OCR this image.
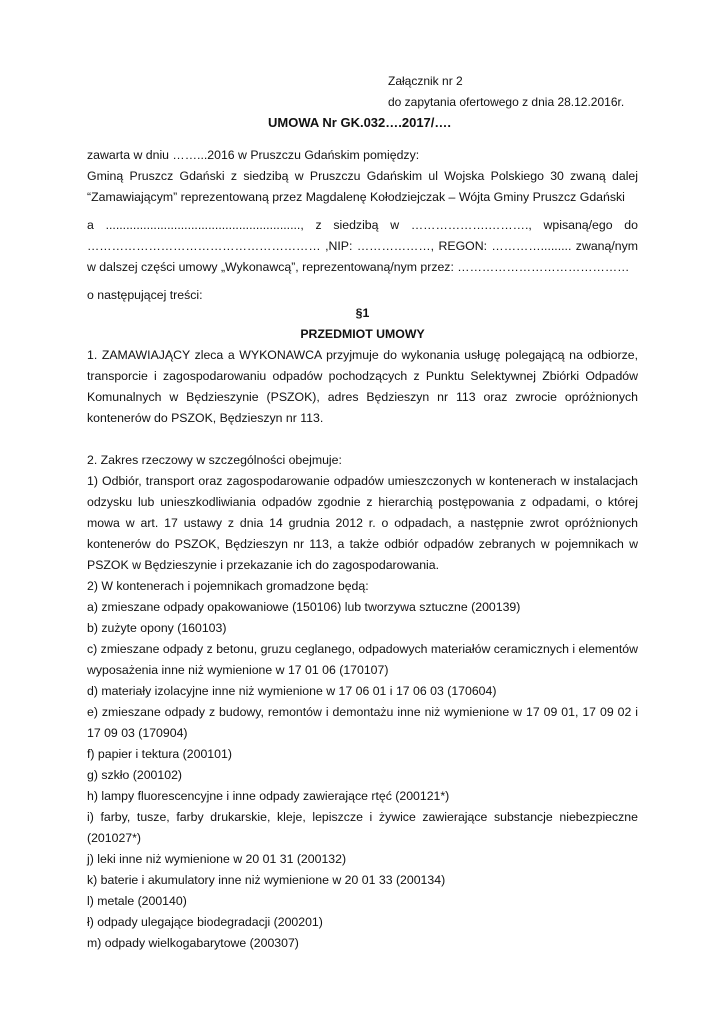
Załącznik nr 2
do zapytania ofertowego z dnia 28.12.2016r.
UMOWA Nr GK.032….2017/….
zawarta w dniu ……...2016 w Pruszczu Gdańskim pomiędzy:
Gminą Pruszcz Gdański z siedzibą w Pruszczu Gdańskim ul Wojska Polskiego 30 zwaną dalej
“Zamawiającym” reprezentowaną przez Magdalenę Kołodziejczak – Wójta Gminy Pruszcz Gdański
a ........................................................., z siedzibą w ……………….………., wpisaną/ego do
………………………………………………… ,NIP: ………………, REGON: …………......... zwaną/nym
w dalszej części umowy „Wykonawcą”, reprezentowaną/nym przez: ……………………………………
o następującej treści:
§1
PRZEDMIOT UMOWY
1. ZAMAWIAJĄCY zleca a WYKONAWCA przyjmuje do wykonania usługę polegającą na odbiorze,
transporcie i zagospodarowaniu odpadów pochodzących z Punktu Selektywnej Zbiórki Odpadów
Komunalnych w Będzieszynie (PSZOK), adres Będzieszyn nr 113 oraz zwrocie opróżnionych
kontenerów do PSZOK, Będzieszyn nr 113.
2. Zakres rzeczowy w szczególności obejmuje:
1) Odbiór, transport oraz zagospodarowanie odpadów umieszczonych w kontenerach w instalacjach
odzysku lub unieszkodliwiania odpadów zgodnie z hierarchią postępowania z odpadami, o której
mowa w art. 17 ustawy z dnia 14 grudnia 2012 r. o odpadach, a następnie zwrot opróżnionych
kontenerów do PSZOK, Będzieszyn nr 113, a także odbiór odpadów zebranych w pojemnikach w
PSZOK w Będzieszynie i przekazanie ich do zagospodarowania.
2) W kontenerach i pojemnikach gromadzone będą:
a) zmieszane odpady opakowaniowe (150106) lub tworzywa sztuczne (200139)
b) zużyte opony (160103)
c) zmieszane odpady z betonu, gruzu ceglanego, odpadowych materiałów ceramicznych i elementów
wyposażenia inne niż wymienione w 17 01 06 (170107)
d) materiały izolacyjne inne niż wymienione w 17 06 01 i 17 06 03 (170604)
e) zmieszane odpady z budowy, remontów i demontażu inne niż wymienione w 17 09 01, 17 09 02 i
17 09 03 (170904)
f) papier i tektura (200101)
g) szkło (200102)
h) lampy fluorescencyjne i inne odpady zawierające rtęć (200121*)
i) farby, tusze, farby drukarskie, kleje, lepiszcze i żywice zawierające substancje niebezpieczne
(201027*)
j) leki inne niż wymienione w 20 01 31 (200132)
k) baterie i akumulatory inne niż wymienione w 20 01 33 (200134)
l) metale (200140)
ł) odpady ulegające biodegradacji (200201)
m) odpady wielkogabarytowe (200307)
